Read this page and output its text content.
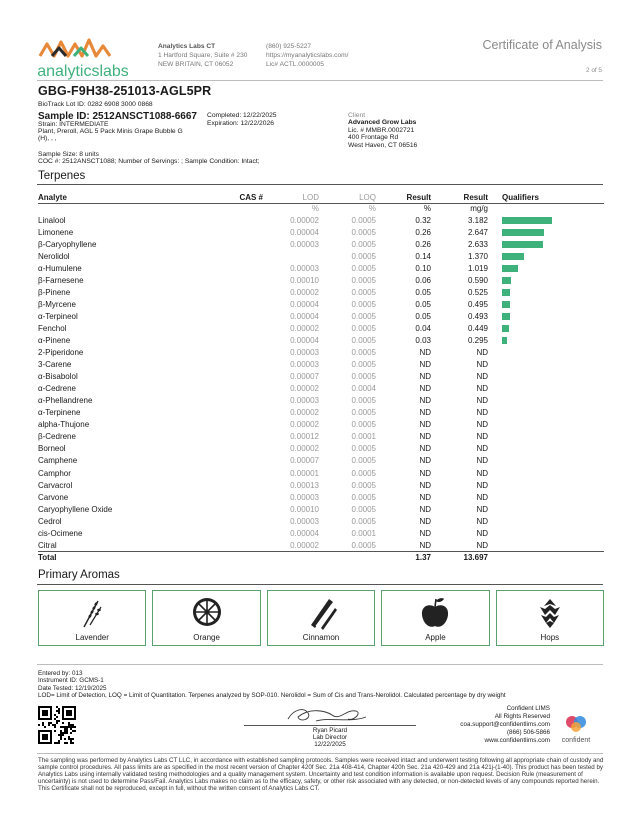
analyticslabs
Analytics Labs CT
1 Hartford Square, Suite # 230
NEW BRITAIN, CT 06052
(860) 925-5227
https://myanalyticslabs.com/
Lic# ACTL.0000005
Certificate of Analysis
2 of 5
GBG-F9H38-251013-AGL5PR
BioTrack Lot ID: 0282 6908 3000 0868
Sample ID: 2512ANSCT1088-6667
Strain: INTERMEDIATE
Plant, Preroll, AGL 5 Pack Minis Grape Bubble G
(H), , ,
Completed: 12/22/2025
Expiration: 12/22/2026
Sample Size: 8 units
COC #: 2512ANSCT1088; Number of Servings: ; Sample Condition: Intact;
Client
Advanced Grow Labs
Lic. # MMBR.0002721
400 Frontage Rd
West Haven, CT 06516
Terpenes
Analyte	CAS #	LOD	LOQ	Result	Result	Qualifiers
		%	%	%	mg/g	
Linalool		0.00002	0.0005	0.32	3.182	

Limonene		0.00004	0.0005	0.26	2.647	

β-Caryophyllene		0.00003	0.0005	0.26	2.633	

Nerolidol			0.0005	0.14	1.370	

α-Humulene		0.00003	0.0005	0.10	1.019	

β-Farnesene		0.00010	0.0005	0.06	0.590	

β-Pinene		0.00002	0.0005	0.05	0.525	

β-Myrcene		0.00004	0.0005	0.05	0.495	

α-Terpineol		0.00004	0.0005	0.05	0.493	

Fenchol		0.00002	0.0005	0.04	0.449	

α-Pinene		0.00004	0.0005	0.03	0.295	

2-Piperidone		0.00003	0.0005	ND	ND	
3-Carene		0.00003	0.0005	ND	ND	
α-Bisabolol		0.00007	0.0005	ND	ND	
α-Cedrene		0.00002	0.0004	ND	ND	
α-Phellandrene		0.00003	0.0005	ND	ND	
α-Terpinene		0.00002	0.0005	ND	ND	
alpha-Thujone		0.00002	0.0005	ND	ND	
β-Cedrene		0.00012	0.0001	ND	ND	
Borneol		0.00002	0.0005	ND	ND	
Camphene		0.00007	0.0005	ND	ND	
Camphor		0.00001	0.0005	ND	ND	
Carvacrol		0.00013	0.0005	ND	ND	
Carvone		0.00003	0.0005	ND	ND	
Caryophyllene Oxide		0.00010	0.0005	ND	ND	
Cedrol		0.00003	0.0005	ND	ND	
cis-Ocimene		0.00004	0.0001	ND	ND	
Citral		0.00002	0.0005	ND	ND	
Total				1.37	13.697	
Primary Aromas
Lavender	Orange	Cinnamon	Apple	Hops
Entered by: 013
Instrument ID: GCMS-1
Date Tested: 12/19/2025
LOD= Limit of Detection, LOQ = Limit of Quantitation. Terpenes analyzed by SOP-010. Nerolidol = Sum of Cis and Trans-Nerolidol. Calculated percentage by dry weight
Ryan Picard
Lab Director
12/22/2025
Confident LIMS
All Rights Reserved
coa.support@confidentlims.com
(866) 506-5866
www.confidentlims.com confident
The sampling was performed by Analytics Labs CT LLC, in accordance with established sampling protocols. Samples were received intact and underwent testing following all appropriate chain of custody and sample control procedures. All pass limits are as specified in the most recent version of Chapter 420f Sec. 21a 408-414, Chapter 420h Sec. 21a 420-429 and 21a 421j-(1-40). This product has been tested by Analytics Labs using internally validated testing methodologies and a quality management system. Uncertainty and test condition information is available upon request. Decision Rule (measurement of uncertainty) is not used to determine Pass/Fail. Analytics Labs makes no claim as to the efficacy, safety, or other risk associated with any detected, or non-detected levels of any compounds reported herein. This Certificate shall not be reproduced, except in full, without the written consent of Analytics Labs CT.
